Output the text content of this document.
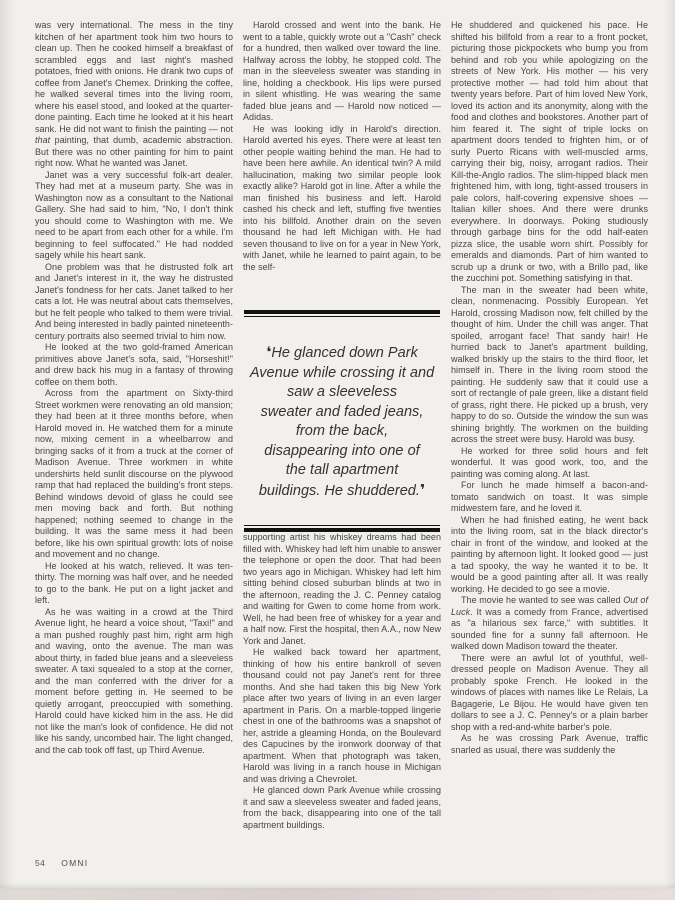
was very international. The mess in the tiny kitchen of her apartment took him two hours to clean up. Then he cooked himself a breakfast of scrambled eggs and last night's mashed potatoes, fried with onions. He drank two cups of coffee from Janet's Chemex. Drinking the coffee, he walked several times into the living room, where his easel stood, and looked at the quarter-done painting. Each time he looked at it his heart sank. He did not want to finish the painting — not that painting, that dumb, academic abstraction. But there was no other painting for him to paint right now. What he wanted was Janet.

Janet was a very successful folk-art dealer. They had met at a museum party. She was in Washington now as a consultant to the National Gallery. She had said to him, "No, I don't think you should come to Washington with me. We need to be apart from each other for a while. I'm beginning to feel suffocated." He had nodded sagely while his heart sank.

One problem was that he distrusted folk art and Janet's interest in it, the way he distrusted Janet's fondness for her cats. Janet talked to her cats a lot. He was neutral about cats themselves, but he felt people who talked to them were trivial. And being interested in badly painted nineteenth-century portraits also seemed trivial to him now.

He looked at the two gold-framed American primitives above Janet's sofa, said, "Horseshit!" and drew back his mug in a fantasy of throwing coffee on them both.

Across from the apartment on Sixty-third Street workmen were renovating an old mansion; they had been at it three months before, when Harold moved in. He watched them for a minute now, mixing cement in a wheelbarrow and bringing sacks of it from a truck at the corner of Madison Avenue. Three workmen in white undershirts held sunlit discourse on the plywood ramp that had replaced the building's front steps. Behind windows devoid of glass he could see men moving back and forth. But nothing happened; nothing seemed to change in the building. It was the same mess it had been before, like his own spiritual growth: lots of noise and movement and no change.

He looked at his watch, relieved. It was ten-thirty. The morning was half over, and he needed to go to the bank. He put on a light jacket and left.

As he was waiting in a crowd at the Third Avenue light, he heard a voice shout, "Taxi!" and a man pushed roughly past him, right arm high and waving, onto the avenue. The man was about thirty, in faded blue jeans and a sleeveless sweater. A taxi squealed to a stop at the corner, and the man conferred with the driver for a moment before getting in. He seemed to be quietly arrogant, preoccupied with something. Harold could have kicked him in the ass. He did not like the man's look of confidence. He did not like his sandy, uncombed hair. The light changed, and the cab took off fast, up Third Avenue.

Harold crossed and went into the bank. He went to a table, quickly wrote out a "Cash" check for a hundred, then walked over toward the line. Halfway across the lobby, he stopped cold. The man in the sleeveless sweater was standing in line, holding a checkbook. His lips were pursed in silent whistling. He was wearing the same faded blue jeans and — Harold now noticed — Adidas.

He was looking idly in Harold's direction. Harold averted his eyes. There were at least ten other people waiting behind the man. He had to have been here awhile. An identical twin? A mild hallucination, making two similar people look exactly alike? Harold got in line. After a while the man finished his business and left. Harold cashed his check and left, stuffing five twenties into his billfold. Another drain on the seven thousand he had left Michigan with. He had seven thousand to live on for a year in New York, with Janet, while he learned to paint again, to be the self-

❛He glanced down Park
Avenue while crossing it and
saw a sleeveless
sweater and faded jeans,
from the back,
disappearing into one of
the tall apartment
buildings. He shuddered.❜

supporting artist his whiskey dreams had been filled with. Whiskey had left him unable to answer the telephone or open the door. That had been two years ago in Michigan. Whiskey had left him sitting behind closed suburban blinds at two in the afternoon, reading the J. C. Penney catalog and waiting for Gwen to come home from work. Well, he had been free of whiskey for a year and a half now. First the hospital, then A.A., now New York and Janet.

He walked back toward her apartment, thinking of how his entire bankroll of seven thousand could not pay Janet's rent for three months. And she had taken this big New York place after two years of living in an even larger apartment in Paris. On a marble-topped lingerie chest in one of the bathrooms was a snapshot of her, astride a gleaming Honda, on the Boulevard des Capucines by the ironwork doorway of that apartment. When that photograph was taken, Harold was living in a ranch house in Michigan and was driving a Chevrolet.

He glanced down Park Avenue while crossing it and saw a sleeveless sweater and faded jeans, from the back, disappearing into one of the tall apartment buildings.

He shuddered and quickened his pace. He shifted his billfold from a rear to a front pocket, picturing those pickpockets who bump you from behind and rob you while apologizing on the streets of New York. His mother — his very protective mother — had told him about that twenty years before. Part of him loved New York, loved its action and its anonymity, along with the food and clothes and bookstores. Another part of him feared it. The sight of triple locks on apartment doors tended to frighten him, or of surly Puerto Ricans with well-muscled arms, carrying their big, noisy, arrogant radios. Their Kill-the-Anglo radios. The slim-hipped black men frightened him, with long, tight-assed trousers in pale colors, half-covering expensive shoes — Italian killer shoes. And there were drunks everywhere. In doorways. Poking studiously through garbage bins for the odd half-eaten pizza slice, the usable worn shirt. Possibly for emeralds and diamonds. Part of him wanted to scrub up a drunk or two, with a Brillo pad, like the zucchini pot. Something satisfying in that.

The man in the sweater had been white, clean, nonmenacing. Possibly European. Yet Harold, crossing Madison now, felt chilled by the thought of him. Under the chill was anger. That spoiled, arrogant face! That sandy hair! He hurried back to Janet's apartment building, walked briskly up the stairs to the third floor, let himself in. There in the living room stood the painting. He suddenly saw that it could use a sort of rectangle of pale green, like a distant field of grass, right there. He picked up a brush, very happy to do so. Outside the window the sun was shining brightly. The workmen on the building across the street were busy. Harold was busy.

He worked for three solid hours and felt wonderful. It was good work, too, and the painting was coming along. At last.

For lunch he made himself a bacon-and-tomato sandwich on toast. It was simple midwestern fare, and he loved it.

When he had finished eating, he went back into the living room, sat in the black director's chair in front of the window, and looked at the painting by afternoon light. It looked good — just a tad spooky, the way he wanted it to be. It would be a good painting after all. It was really working. He decided to go see a movie.

The movie he wanted to see was called Out of Luck. It was a comedy from France, advertised as "a hilarious sex farce," with subtitles. It sounded fine for a sunny fall afternoon. He walked down Madison toward the theater.

There were an awful lot of youthful, well-dressed people on Madison Avenue. They all probably spoke French. He looked in the windows of places with names like Le Relais, La Bagagerie, Le Bijou. He would have given ten dollars to see a J. C. Penney's or a plain barber shop with a red-and-white barber's pole.

As he was crossing Park Avenue, traffic snarled as usual, there was suddenly the

54 OMNI
